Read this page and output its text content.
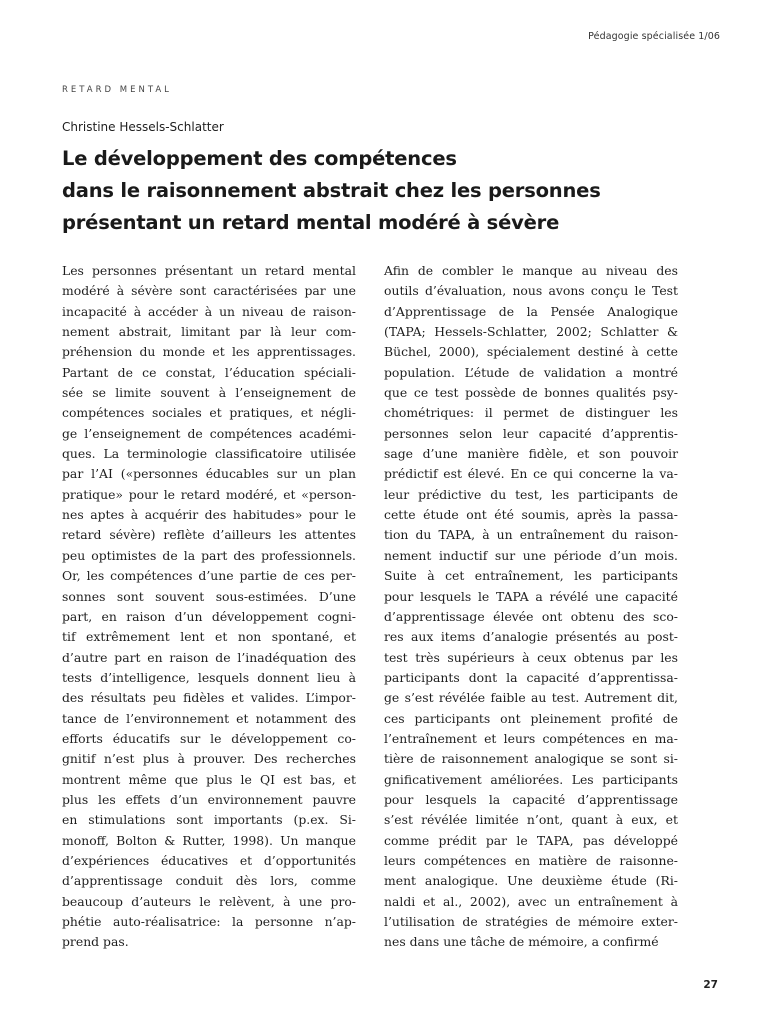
Pédagogie spécialisée 1/06
RETARD MENTAL
Christine Hessels-Schlatter
Le développement des compétences
dans le raisonnement abstrait chez les personnes
présentant un retard mental modéré à sévère
Les personnes présentant un retard mental
modéré à sévère sont caractérisées par une
incapacité à accéder à un niveau de raison-
nement abstrait, limitant par là leur com-
préhension du monde et les apprentissages.
Partant de ce constat, l’éducation spéciali-
sée se limite souvent à l’enseignement de
compétences sociales et pratiques, et négli-
ge l’enseignement de compétences académi-
ques. La terminologie classificatoire utilisée
par l’AI («personnes éducables sur un plan
pratique» pour le retard modéré, et «person-
nes aptes à acquérir des habitudes» pour le
retard sévère) reflète d’ailleurs les attentes
peu optimistes de la part des professionnels.
Or, les compétences d’une partie de ces per-
sonnes sont souvent sous-estimées. D’une
part, en raison d’un développement cogni-
tif extrêmement lent et non spontané, et
d’autre part en raison de l’inadéquation des
tests d’intelligence, lesquels donnent lieu à
des résultats peu fidèles et valides. L’impor-
tance de l’environnement et notamment des
efforts éducatifs sur le développement co-
gnitif n’est plus à prouver. Des recherches
montrent même que plus le QI est bas, et
plus les effets d’un environnement pauvre
en stimulations sont importants (p.ex. Si-
monoff, Bolton & Rutter, 1998). Un manque
d’expériences éducatives et d’opportunités
d’apprentissage conduit dès lors, comme
beaucoup d’auteurs le relèvent, à une pro-
phétie auto-réalisatrice: la personne n’ap-
prend pas.
Afin de combler le manque au niveau des
outils d’évaluation, nous avons conçu le Test
d’Apprentissage de la Pensée Analogique
(TAPA; Hessels-Schlatter, 2002; Schlatter &
Büchel, 2000), spécialement destiné à cette
population. L’étude de validation a montré
que ce test possède de bonnes qualités psy-
chométriques: il permet de distinguer les
personnes selon leur capacité d’apprentis-
sage d’une manière fidèle, et son pouvoir
prédictif est élevé. En ce qui concerne la va-
leur prédictive du test, les participants de
cette étude ont été soumis, après la passa-
tion du TAPA, à un entraînement du raison-
nement inductif sur une période d’un mois.
Suite à cet entraînement, les participants
pour lesquels le TAPA a révélé une capacité
d’apprentissage élevée ont obtenu des sco-
res aux items d’analogie présentés au post-
test très supérieurs à ceux obtenus par les
participants dont la capacité d’apprentissa-
ge s’est révélée faible au test. Autrement dit,
ces participants ont pleinement profité de
l’entraînement et leurs compétences en ma-
tière de raisonnement analogique se sont si-
gnificativement améliorées. Les participants
pour lesquels la capacité d’apprentissage
s’est révélée limitée n’ont, quant à eux, et
comme prédit par le TAPA, pas développé
leurs compétences en matière de raisonne-
ment analogique. Une deuxième étude (Ri-
naldi et al., 2002), avec un entraînement à
l’utilisation de stratégies de mémoire exter-
nes dans une tâche de mémoire, a confirmé
27
